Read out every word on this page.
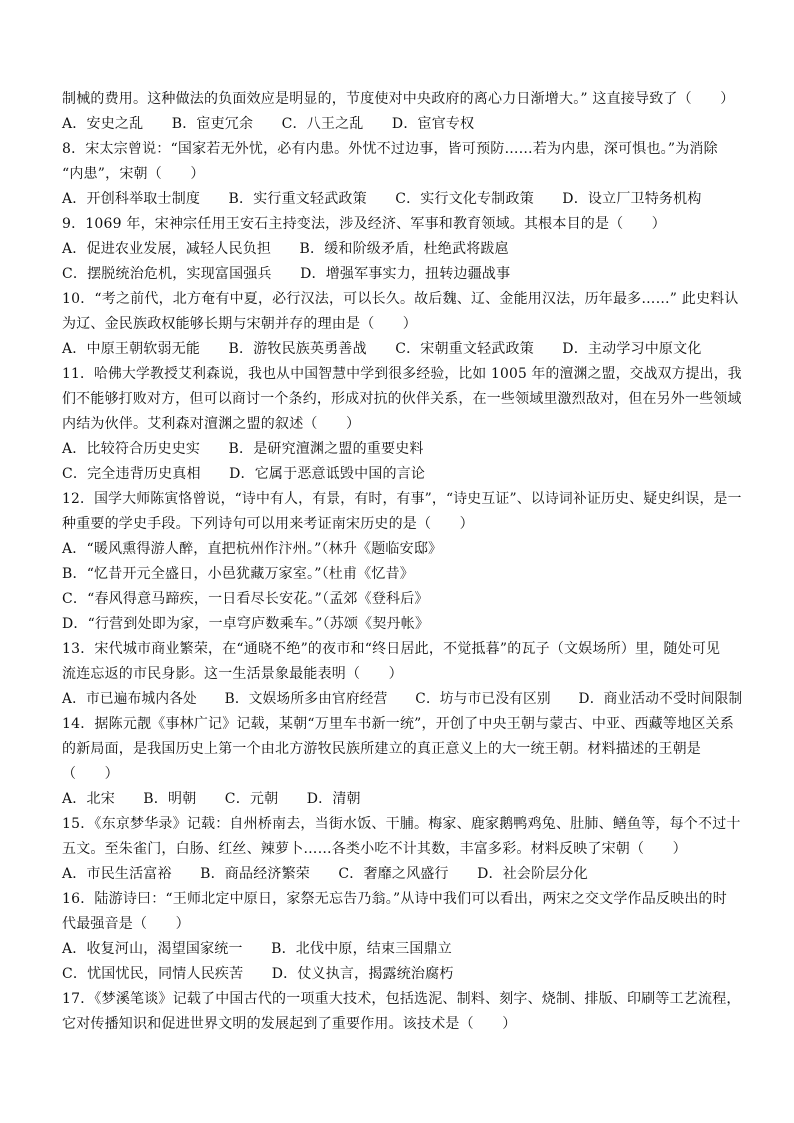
制械的费用。这种做法的负面效应是明显的，节度使对中央政府的离心力日渐增大。” 这直接导致了（　　）
A．安史之乱　　B．宦吏冗余　　C．八王之乱　　D．宦官专权
8．宋太宗曾说：“国家若无外忧，必有内患。外忧不过边事，皆可预防……若为内患，深可惧也。”为消除
“内患”，宋朝（　　）
A．开创科举取士制度　　B．实行重文轻武政策　　C．实行文化专制政策　　D．设立厂卫特务机构
9．1069 年，宋神宗任用王安石主持变法，涉及经济、军事和教育领域。其根本目的是（　　）
A．促进农业发展，减轻人民负担　　B．缓和阶级矛盾，杜绝武将跋扈
C．摆脱统治危机，实现富国强兵　　D．增强军事实力，扭转边疆战事
10．“考之前代，北方奄有中夏，必行汉法，可以长久。故后魏、辽、金能用汉法，历年最多……” 此史料认
为辽、金民族政权能够长期与宋朝并存的理由是（　　）
A．中原王朝软弱无能　　B．游牧民族英勇善战　　C．宋朝重文轻武政策　　D．主动学习中原文化
11．哈佛大学教授艾利森说，我也从中国智慧中学到很多经验，比如 1005 年的澶渊之盟，交战双方提出，我
们不能够打败对方，但可以商讨一个条约，形成对抗的伙伴关系，在一些领域里激烈敌对，但在另外一些领域
内结为伙伴。艾利森对澶渊之盟的叙述（　　）
A．比较符合历史史实　　B．是研究澶渊之盟的重要史料
C．完全违背历史真相　　D．它属于恶意诋毁中国的言论
12．国学大师陈寅恪曾说，“诗中有人，有景，有时，有事”，“诗史互证”、以诗词补证历史、疑史纠误，是一
种重要的学史手段。下列诗句可以用来考证南宋历史的是（　　）
A．“暖风熏得游人醉，直把杭州作汴州。”（林升《题临安邸》
B．“忆昔开元全盛日，小邑犹藏万家室。”（杜甫《忆昔》
C．“春风得意马蹄疾，一日看尽长安花。”（孟郊《登科后》
D．“行营到处即为家，一卓穹庐数乘车。”（苏颂《契丹帐》
13．宋代城市商业繁荣，在“通晓不绝”的夜市和“终日居此，不觉抵暮”的瓦子（文娱场所）里，随处可见
流连忘返的市民身影。这一生活景象最能表明（　　）
A．市已遍布城内各处　　B．文娱场所多由官府经营　　C．坊与市已没有区别　　D．商业活动不受时间限制
14．据陈元靓《事林广记》记载，某朝“万里车书新一统”，开创了中央王朝与蒙古、中亚、西藏等地区关系
的新局面，是我国历史上第一个由北方游牧民族所建立的真正意义上的大一统王朝。材料描述的王朝是
（　　）
A．北宋　　B．明朝　　C．元朝　　D．清朝
15．《东京梦华录》记载：自州桥南去，当街水饭、干脯。梅家、鹿家鹅鸭鸡兔、肚肺、鳝鱼等，每个不过十
五文。至朱雀门，白肠、红丝、辣萝卜……各类小吃不计其数，丰富多彩。材料反映了宋朝（　　）
A．市民生活富裕　　B．商品经济繁荣　　C．奢靡之风盛行　　D．社会阶层分化
16．陆游诗曰：“王师北定中原日，家祭无忘告乃翁。”从诗中我们可以看出，两宋之交文学作品反映出的时
代最强音是（　　）
A．收复河山，渴望国家统一　　B．北伐中原，结束三国鼎立
C．忧国忧民，同情人民疾苦　　D．仗义执言，揭露统治腐朽
17．《梦溪笔谈》记载了中国古代的一项重大技术，包括选泥、制料、刻字、烧制、排版、印刷等工艺流程，
它对传播知识和促进世界文明的发展起到了重要作用。该技术是（　　）
